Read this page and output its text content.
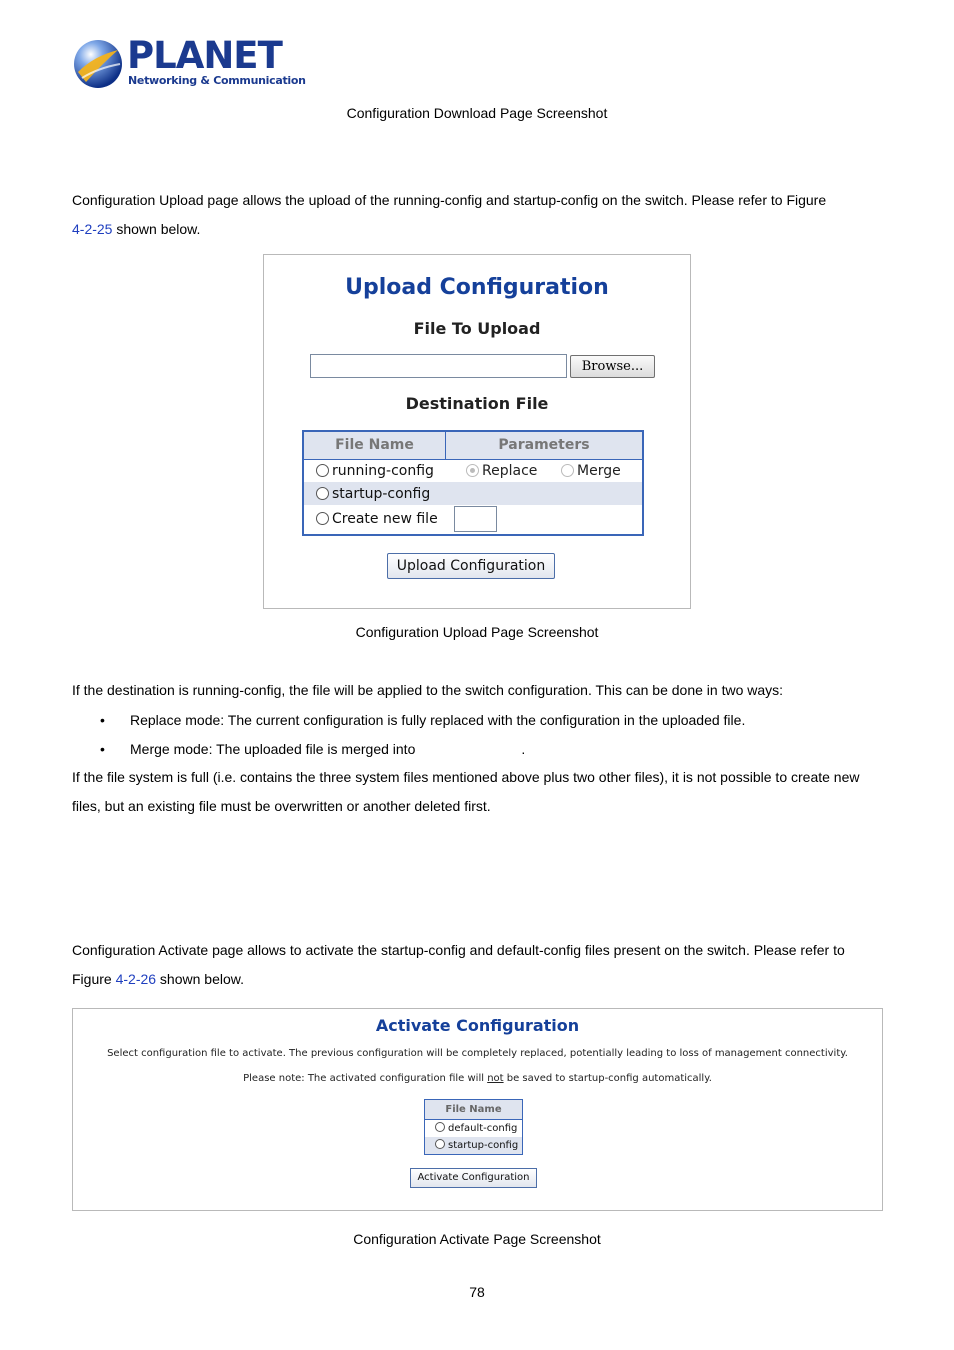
PLANET
Networking & Communication
Configuration Download Page Screenshot
Configuration Upload page allows the upload of the running-config and startup-config on the switch. Please refer to Figure
4-2-25 shown below.
Upload Configuration
File To Upload
Browse...
Destination File
File Name	Parameters
running-config	Replace	Merge
startup-config
Create new file
Upload Configuration
Configuration Upload Page Screenshot
If the destination is running-config, the file will be applied to the switch configuration. This can be done in two ways:
• Replace mode: The current configuration is fully replaced with the configuration in the uploaded file.
• Merge mode: The uploaded file is merged into	.
If the file system is full (i.e. contains the three system files mentioned above plus two other files), it is not possible to create new
files, but an existing file must be overwritten or another deleted first.
Configuration Activate page allows to activate the startup-config and default-config files present on the switch. Please refer to
Figure 4-2-26 shown below.
Activate Configuration
Select configuration file to activate. The previous configuration will be completely replaced, potentially leading to loss of management connectivity.
Please note: The activated configuration file will not be saved to startup-config automatically.
File Name
default-config
startup-config
Activate Configuration
Configuration Activate Page Screenshot
78
